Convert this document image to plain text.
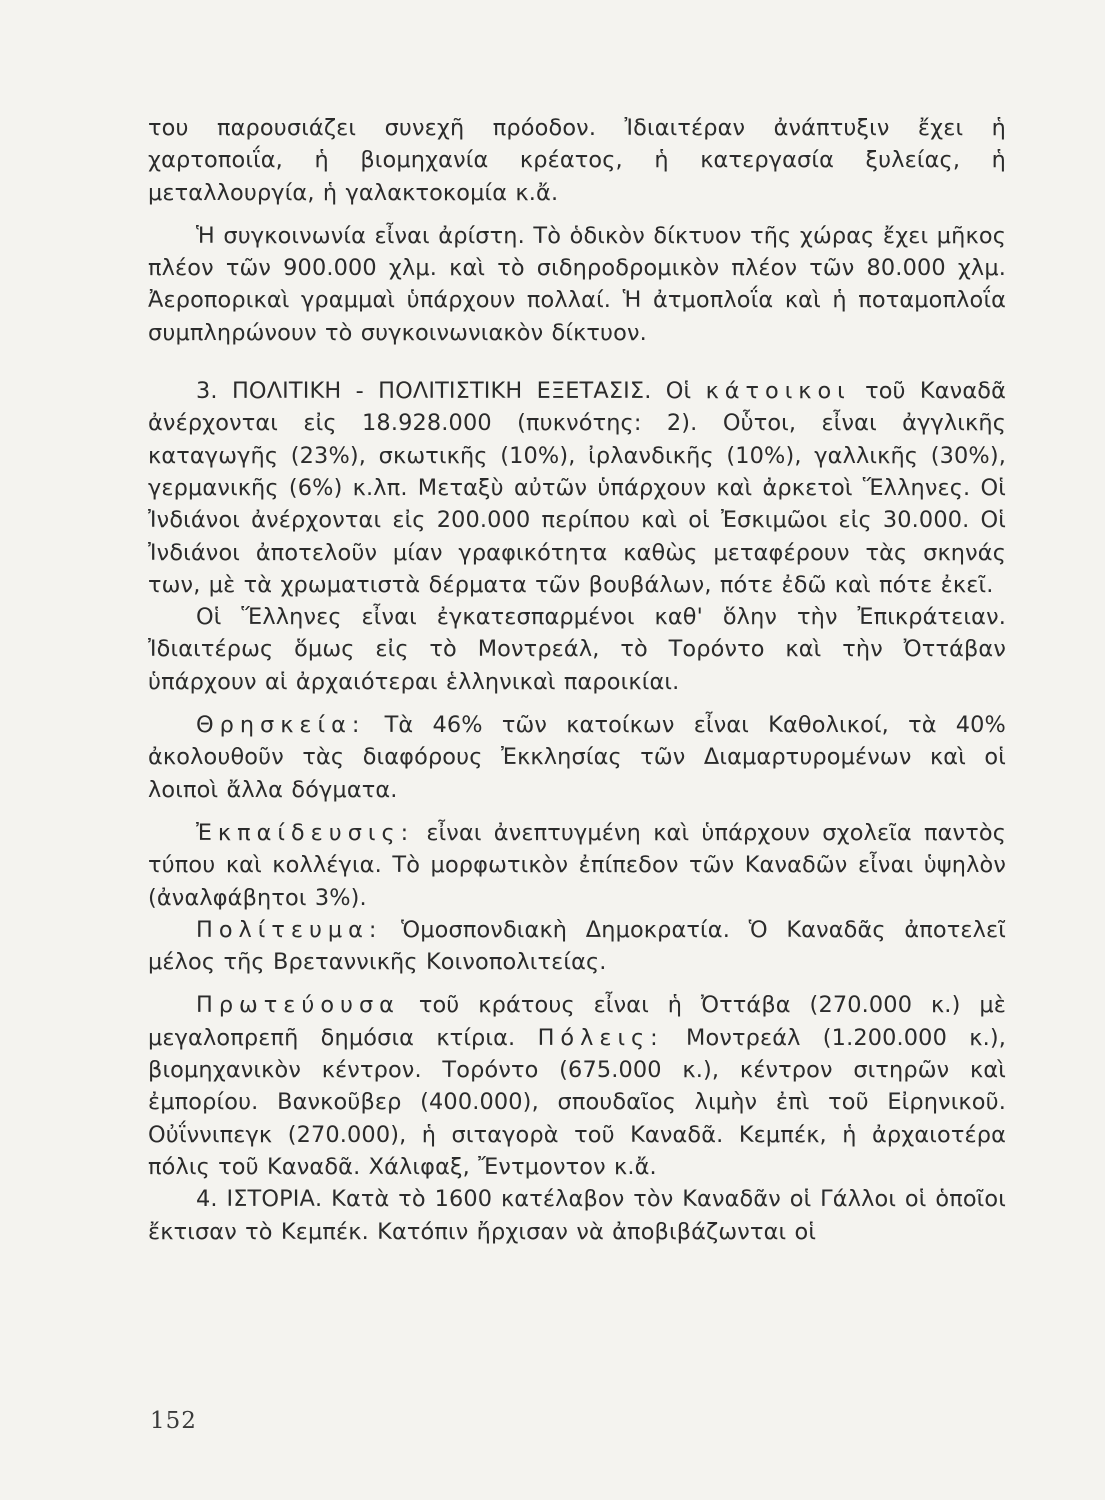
του παρουσιάζει συνεχῆ πρόοδον. Ἰδιαιτέραν ἀνάπτυξιν ἔχει ἡ χαρτοποιΐα, ἡ βιομηχανία κρέατος, ἡ κατεργασία ξυλείας, ἡ μεταλλουργία, ἡ γαλακτοκομία κ.ἄ.

Ἡ συγκοινωνία εἶναι ἀρίστη. Τὸ ὁδικὸν δίκτυον τῆς χώρας ἔχει μῆκος πλέον τῶν 900.000 χλμ. καὶ τὸ σιδηροδρομικὸν πλέον τῶν 80.000 χλμ. Ἀεροπορικαὶ γραμμαὶ ὑπάρχουν πολλαί. Ἡ ἀτμοπλοΐα καὶ ἡ ποταμοπλοΐα συμπληρώνουν τὸ συγκοινωνιακὸν δίκτυον.

3. ΠΟΛΙΤΙΚΗ - ΠΟΛΙΤΙΣΤΙΚΗ ΕΞΕΤΑΣΙΣ. Οἱ κάτοικοι τοῦ Καναδᾶ ἀνέρχονται εἰς 18.928.000 (πυκνότης: 2). Οὗτοι, εἶναι ἀγγλικῆς καταγωγῆς (23%), σκωτικῆς (10%), ἰρλανδικῆς (10%), γαλλικῆς (30%), γερμανικῆς (6%) κ.λπ. Μεταξὺ αὐτῶν ὑπάρχουν καὶ ἀρκετοὶ Ἕλληνες. Οἱ Ἰνδιάνοι ἀνέρχονται εἰς 200.000 περίπου καὶ οἱ Ἐσκιμῶοι εἰς 30.000. Οἱ Ἰνδιάνοι ἀποτελοῦν μίαν γραφικότητα καθὼς μεταφέρουν τὰς σκηνάς των, μὲ τὰ χρωματιστὰ δέρματα τῶν βουβάλων, πότε ἐδῶ καὶ πότε ἐκεῖ.

Οἱ Ἕλληνες εἶναι ἐγκατεσπαρμένοι καθ' ὅλην τὴν Ἐπικράτειαν. Ἰδιαιτέρως ὅμως εἰς τὸ Μοντρεάλ, τὸ Τορόντο καὶ τὴν Ὀττάβαν ὑπάρχουν αἱ ἀρχαιότεραι ἑλληνικαὶ παροικίαι.

Θρησκεία: Τὰ 46% τῶν κατοίκων εἶναι Καθολικοί, τὰ 40% ἀκολουθοῦν τὰς διαφόρους Ἐκκλησίας τῶν Διαμαρτυρομένων καὶ οἱ λοιποὶ ἄλλα δόγματα.

Ἐκπαίδευσις: εἶναι ἀνεπτυγμένη καὶ ὑπάρχουν σχολεῖα παντὸς τύπου καὶ κολλέγια. Τὸ μορφωτικὸν ἐπίπεδον τῶν Καναδῶν εἶναι ὑψηλὸν (ἀναλφάβητοι 3%).

Πολίτευμα: Ὁμοσπονδιακὴ Δημοκρατία. Ὁ Καναδᾶς ἀποτελεῖ μέλος τῆς Βρεταννικῆς Κοινοπολιτείας.

Πρωτεύουσα τοῦ κράτους εἶναι ἡ Ὀττάβα (270.000 κ.) μὲ μεγαλοπρεπῆ δημόσια κτίρια. Πόλεις: Μοντρεάλ (1.200.000 κ.), βιομηχανικὸν κέντρον. Τορόντο (675.000 κ.), κέντρον σιτηρῶν καὶ ἐμπορίου. Βανκοῦβερ (400.000), σπουδαῖος λιμὴν ἐπὶ τοῦ Εἰρηνικοῦ. Οὐΐννιπεγκ (270.000), ἡ σιταγορὰ τοῦ Καναδᾶ. Κεμπέκ, ἡ ἀρχαιοτέρα πόλις τοῦ Καναδᾶ. Χάλιφαξ, Ἔντμοντον κ.ἄ.

4. ΙΣΤΟΡΙΑ. Κατὰ τὸ 1600 κατέλαβον τὸν Καναδᾶν οἱ Γάλλοι οἱ ὁποῖοι ἔκτισαν τὸ Κεμπέκ. Κατόπιν ἤρχισαν νὰ ἀποβιβάζωνται οἱ

152
